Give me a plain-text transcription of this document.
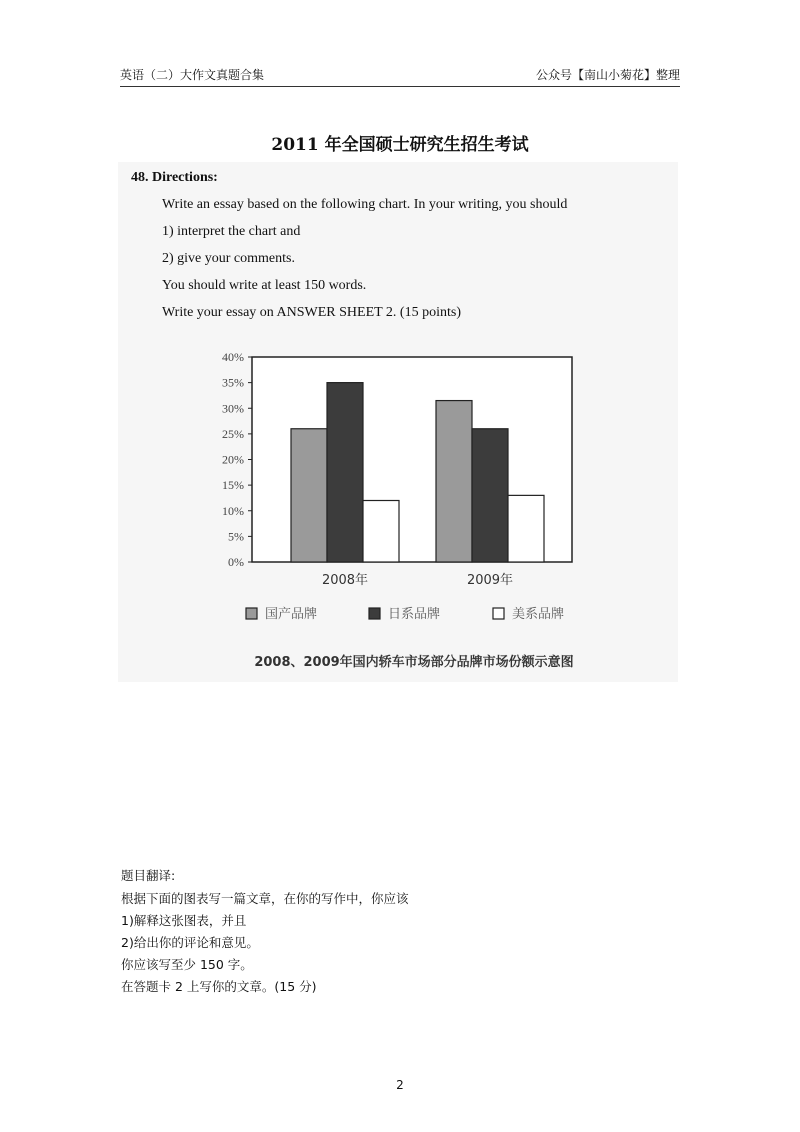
英语（二）大作文真题合集	公众号【南山小菊花】整理
2011 年全国硕士研究生招生考试
48. Directions:
Write an essay based on the following chart. In your writing, you should
1) interpret the chart and
2) give your comments.
You should write at least 150 words.
Write your essay on ANSWER SHEET 2. (15 points)
0%
5%
10%
15%
20%
25%
30%
35%
40%
2008年	2009年
国产品牌	日系品牌	美系品牌
2008、2009年国内轿车市场部分品牌市场份额示意图
题目翻译:
根据下面的图表写一篇文章，在你的写作中，你应该
1)解释这张图表，并且
2)给出你的评论和意见。
你应该写至少 150 字。
在答题卡 2 上写你的文章。(15 分)
2
